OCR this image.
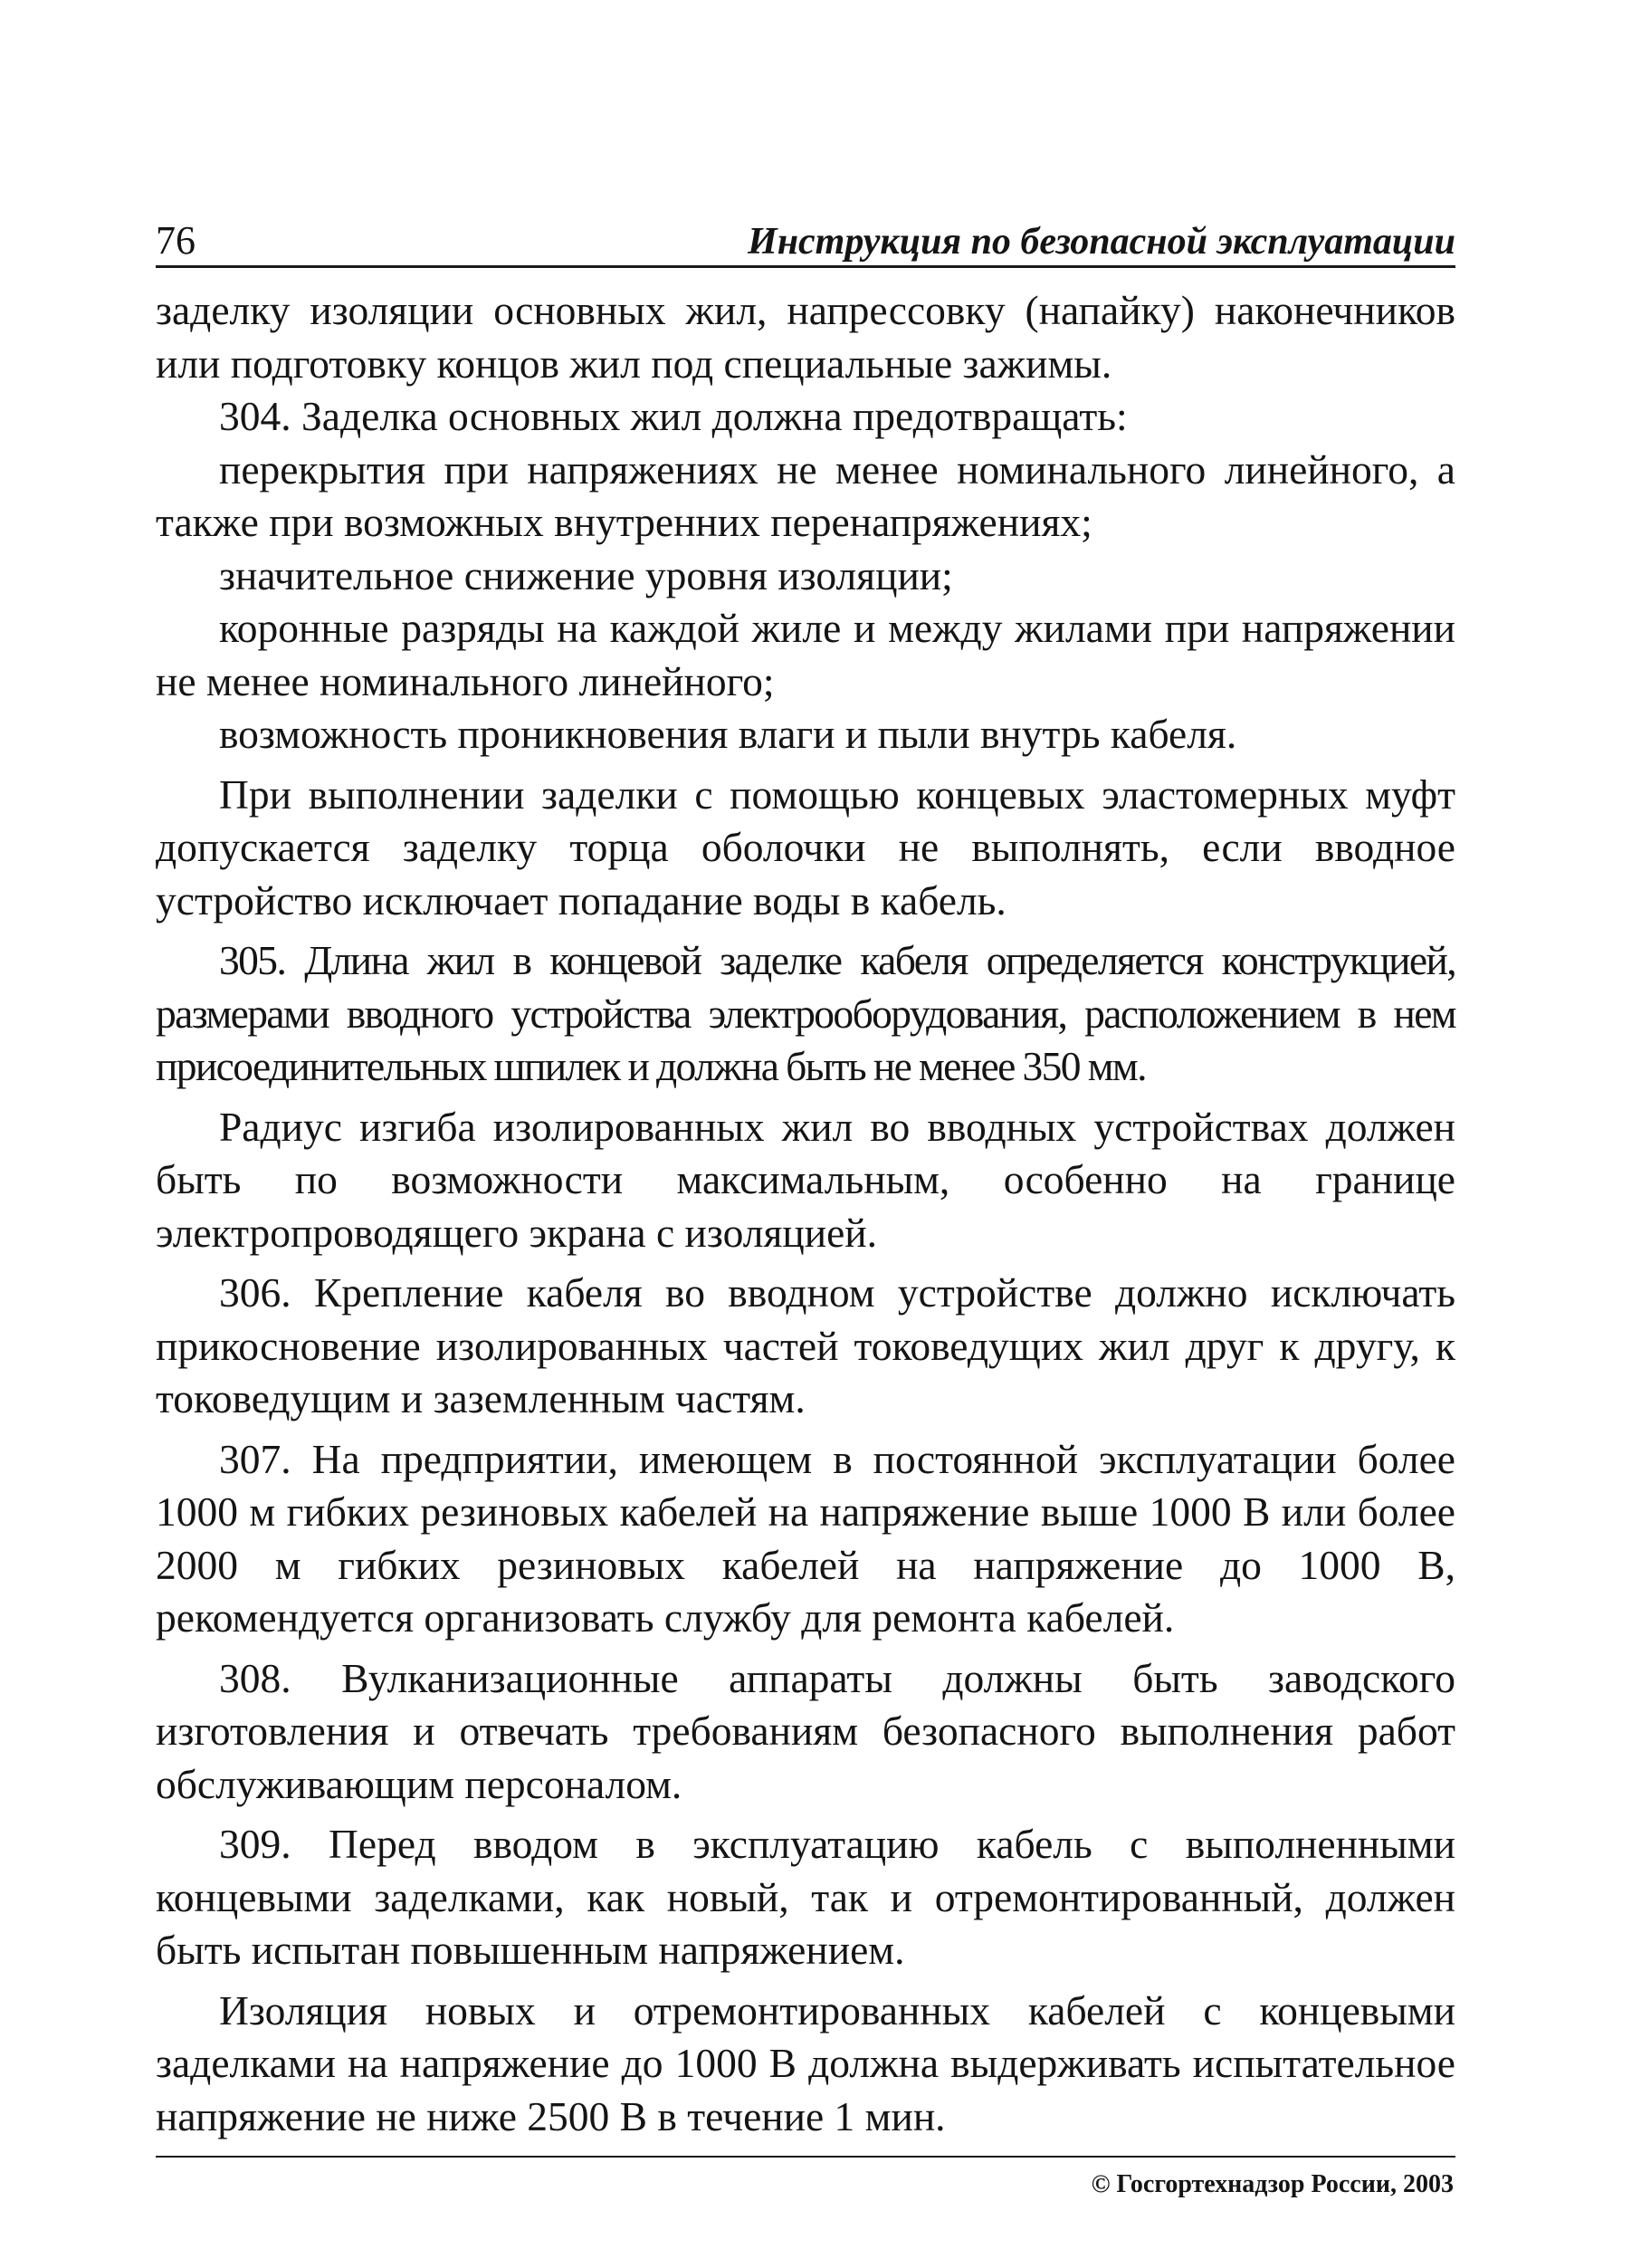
76	Инструкция по безопасной эксплуатации

заделку изоляции основных жил, напрессовку (напайку) наконечников или подготовку концов жил под специальные зажимы.

304. Заделка основных жил должна предотвращать:

перекрытия при напряжениях не менее номинального линейного, а также при возможных внутренних перенапряжениях;

значительное снижение уровня изоляции;

коронные разряды на каждой жиле и между жилами при напряжении не менее номинального линейного;

возможность проникновения влаги и пыли внутрь кабеля.

При выполнении заделки с помощью концевых эластомерных муфт допускается заделку торца оболочки не выполнять, если вводное устройство исключает попадание воды в кабель.

305. Длина жил в концевой заделке кабеля определяется конструкцией, размерами вводного устройства электрооборудования, расположением в нем присоединительных шпилек и должна быть не менее 350 мм.

Радиус изгиба изолированных жил во вводных устройствах должен быть по возможности максимальным, особенно на границе электропроводящего экрана с изоляцией.

306. Крепление кабеля во вводном устройстве должно исключать прикосновение изолированных частей токоведущих жил друг к другу, к токоведущим и заземленным частям.

307. На предприятии, имеющем в постоянной эксплуатации более 1000 м гибких резиновых кабелей на напряжение выше 1000 В или более 2000 м гибких резиновых кабелей на напряжение до 1000 В, рекомендуется организовать службу для ремонта кабелей.

308. Вулканизационные аппараты должны быть заводского изготовления и отвечать требованиям безопасного выполнения работ обслуживающим персоналом.

309. Перед вводом в эксплуатацию кабель с выполненными концевыми заделками, как новый, так и отремонтированный, должен быть испытан повышенным напряжением.

Изоляция новых и отремонтированных кабелей с концевыми заделками на напряжение до 1000 В должна выдерживать испытательное напряжение не ниже 2500 В в течение 1 мин.

© Госгортехнадзор России, 2003
